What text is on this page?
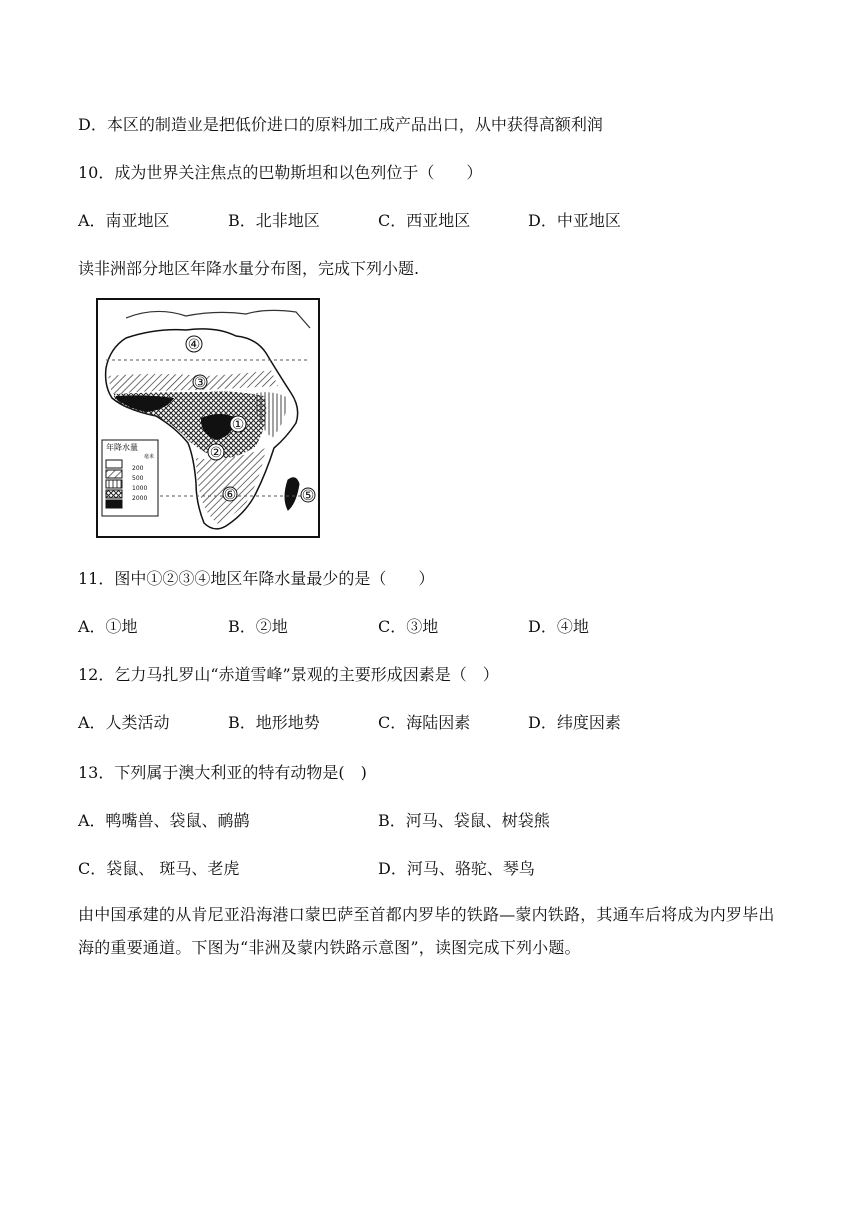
D．本区的制造业是把低价进口的原料加工成产品出口，从中获得高额利润
10．成为世界关注焦点的巴勒斯坦和以色列位于（　　）
A．南亚地区	B．北非地区	C．西亚地区	D．中亚地区
读非洲部分地区年降水量分布图，完成下列小题.
①
②
③
④
⑤
⑥
年降水量
毫米
200
500
1000
2000
11．图中①②③④地区年降水量最少的是（　　）
A．①地	B．②地	C．③地	D．④地
12．乞力马扎罗山“赤道雪峰”景观的主要形成因素是（　）
A．人类活动	B．地形地势	C．海陆因素	D．纬度因素
13．下列属于澳大利亚的特有动物是(　)
A．鸭嘴兽、袋鼠、鸸鹋	B．河马、袋鼠、树袋熊
C．袋鼠、 斑马、老虎	D．河马、骆驼、琴鸟
由中国承建的从肯尼亚沿海港口蒙巴萨至首都内罗毕的铁路—蒙内铁路，其通车后将成为内罗毕出海的重要通道。下图为“非洲及蒙内铁路示意图”，读图完成下列小题。
